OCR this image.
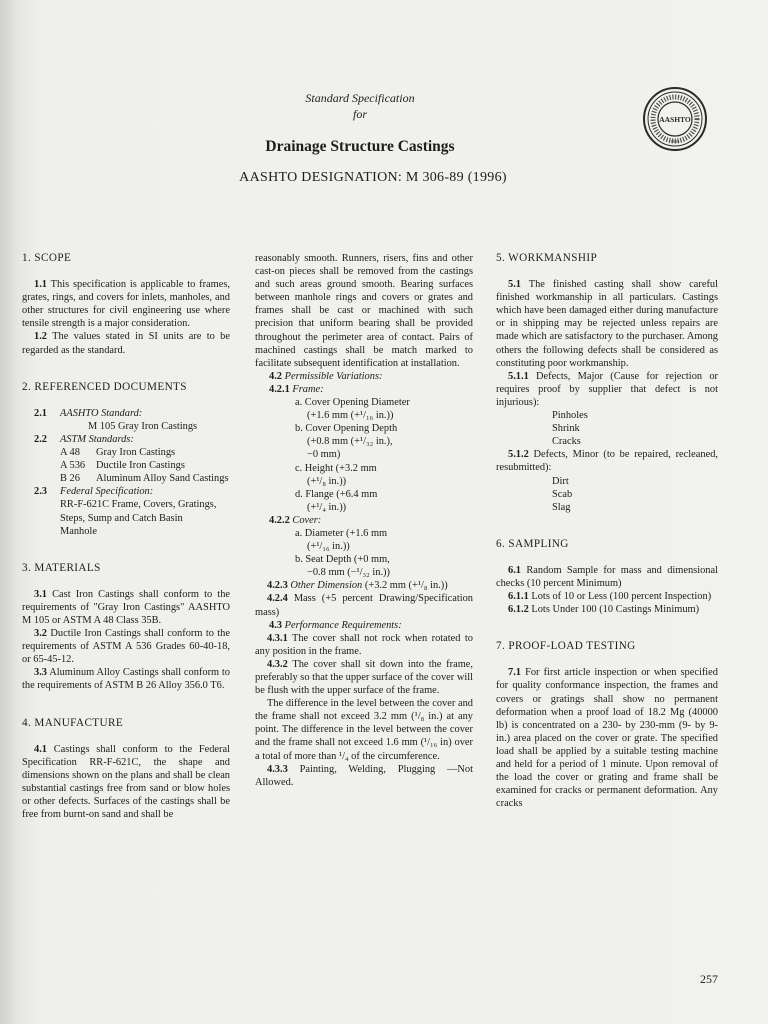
Standard Specification
for
Drainage Structure Castings
AASHTO DESIGNATION: M 306-89 (1996)
AASHTO
1914
1. SCOPE

1.1 This specification is applicable to frames, grates, rings, and covers for inlets, manholes, and other structures for civil engineering use where tensile strength is a major consideration.

1.2 The values stated in SI units are to be regarded as the standard.

2. REFERENCED DOCUMENTS
2.1	AASHTO Standard:
M 105 Gray Iron Castings
2.2	ASTM Standards:
A 48	Gray Iron Castings
A 536	Ductile Iron Castings
B 26	Aluminum Alloy Sand Castings
2.3	Federal Specification:
RR-F-621C Frame, Covers, Gratings, Steps, Sump and Catch Basin Manhole
3. MATERIALS

3.1 Cast Iron Castings shall conform to the requirements of "Gray Iron Castings" AASHTO M 105 or ASTM A 48 Class 35B.

3.2 Ductile Iron Castings shall conform to the requirements of ASTM A 536 Grades 60-40-18, or 65-45-12.

3.3 Aluminum Alloy Castings shall conform to the requirements of ASTM B 26 Alloy 356.0 T6.

4. MANUFACTURE

4.1 Castings shall conform to the Federal Specification RR-F-621C, the shape and dimensions shown on the plans and shall be clean substantial castings free from sand or blow holes or other defects. Surfaces of the castings shall be free from burnt-on sand and shall be

reasonably smooth. Runners, risers, fins and other cast-on pieces shall be removed from the castings and such areas ground smooth. Bearing surfaces between manhole rings and covers or grates and frames shall be cast or machined with such precision that uniform bearing shall be provided throughout the perimeter area of contact. Pairs of machined castings shall be match marked to facilitate subsequent identification at installation.

4.2 Permissible Variations:
4.2.1 Frame:
a. Cover Opening Diameter
(+1.6 mm (+¹/₁₆ in.))
b. Cover Opening Depth
(+0.8 mm (+¹/₃₂ in.),
−0 mm)
c. Height (+3.2 mm
(+¹/₈ in.))
d. Flange (+6.4 mm
(+¹/₄ in.))
4.2.2 Cover:
a. Diameter (+1.6 mm
(+¹/₁₆ in.))
b. Seat Depth (+0 mm,
−0.8 mm (−¹/₃₂ in.))

4.2.3 Other Dimension (+3.2 mm (+¹/₈ in.))

4.2.4 Mass (+5 percent Drawing/Specification mass)

4.3 Performance Requirements:

4.3.1 The cover shall not rock when rotated to any position in the frame.

4.3.2 The cover shall sit down into the frame, preferably so that the upper surface of the cover will be flush with the upper surface of the frame.

The difference in the level between the cover and the frame shall not exceed 3.2 mm (¹/₈ in.) at any point. The difference in the level between the cover and the frame shall not exceed 1.6 mm (¹/₁₆ in) over a total of more than ¹/₄ of the circumference.

4.3.3 Painting, Welding, Plugging —Not Allowed.

5. WORKMANSHIP

5.1 The finished casting shall show careful finished workmanship in all particulars. Castings which have been damaged either during manufacture or in shipping may be rejected unless repairs are made which are satisfactory to the purchaser. Among others the following defects shall be considered as constituting poor workmanship.

5.1.1 Defects, Major (Cause for rejection or requires proof by supplier that defect is not injurious):

Pinholes
Shrink
Cracks

5.1.2 Defects, Minor (to be repaired, recleaned, resubmitted):

Dirt
Scab
Slag
6. SAMPLING

6.1 Random Sample for mass and dimensional checks (10 percent Minimum)

6.1.1 Lots of 10 or Less (100 percent Inspection)

6.1.2 Lots Under 100 (10 Castings Minimum)

7. PROOF-LOAD TESTING

7.1 For first article inspection or when specified for quality conformance inspection, the frames and covers or gratings shall show no permanent deformation when a proof load of 18.2 Mg (40000 lb) is concentrated on a 230- by 230-mm (9- by 9-in.) area placed on the cover or grate. The specified load shall be applied by a suitable testing machine and held for a period of 1 minute. Upon removal of the load the cover or grating and frame shall be examined for cracks or permanent deformation. Any cracks

257
